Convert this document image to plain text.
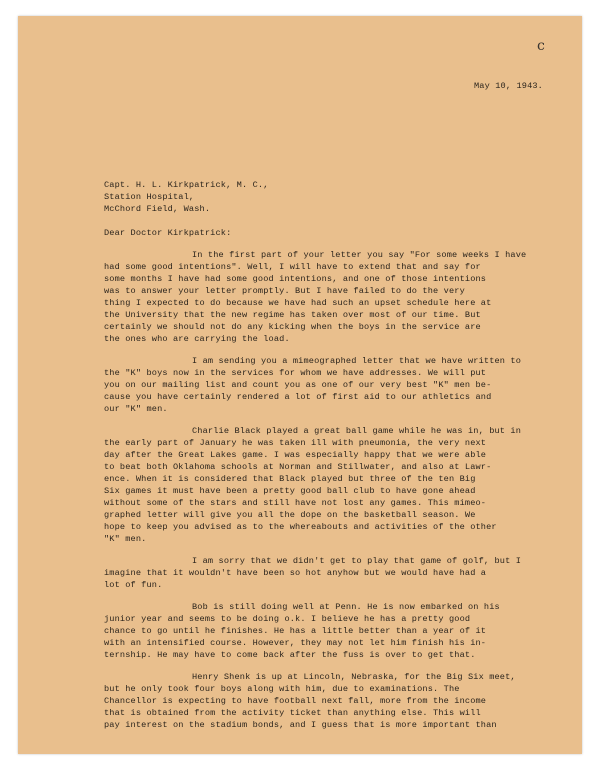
c
May 10, 1943.
Capt. H. L. Kirkpatrick, M. C.,
Station Hospital,
McChord Field, Wash.
Dear Doctor Kirkpatrick:
In the first part of your letter you say "For some weeks I have
had some good intentions". Well, I will have to extend that and say for
some months I have had some good intentions, and one of those intentions
was to answer your letter promptly. But I have failed to do the very
thing I expected to do because we have had such an upset schedule here at
the University that the new regime has taken over most of our time. But
certainly we should not do any kicking when the boys in the service are
the ones who are carrying the load.
I am sending you a mimeographed letter that we have written to
the "K" boys now in the services for whom we have addresses. We will put
you on our mailing list and count you as one of our very best "K" men be-
cause you have certainly rendered a lot of first aid to our athletics and
our "K" men.
Charlie Black played a great ball game while he was in, but in
the early part of January he was taken ill with pneumonia, the very next
day after the Great Lakes game. I was especially happy that we were able
to beat both Oklahoma schools at Norman and Stillwater, and also at Lawr-
ence. When it is considered that Black played but three of the ten Big
Six games it must have been a pretty good ball club to have gone ahead
without some of the stars and still have not lost any games. This mimeo-
graphed letter will give you all the dope on the basketball season. We
hope to keep you advised as to the whereabouts and activities of the other
"K" men.
I am sorry that we didn't get to play that game of golf, but I
imagine that it wouldn't have been so hot anyhow but we would have had a
lot of fun.
Bob is still doing well at Penn. He is now embarked on his
junior year and seems to be doing o.k. I believe he has a pretty good
chance to go until he finishes. He has a little better than a year of it
with an intensified course. However, they may not let him finish his in-
ternship. He may have to come back after the fuss is over to get that.
Henry Shenk is up at Lincoln, Nebraska, for the Big Six meet,
but he only took four boys along with him, due to examinations. The
Chancellor is expecting to have football next fall, more from the income
that is obtained from the activity ticket than anything else. This will
pay interest on the stadium bonds, and I guess that is more important than
